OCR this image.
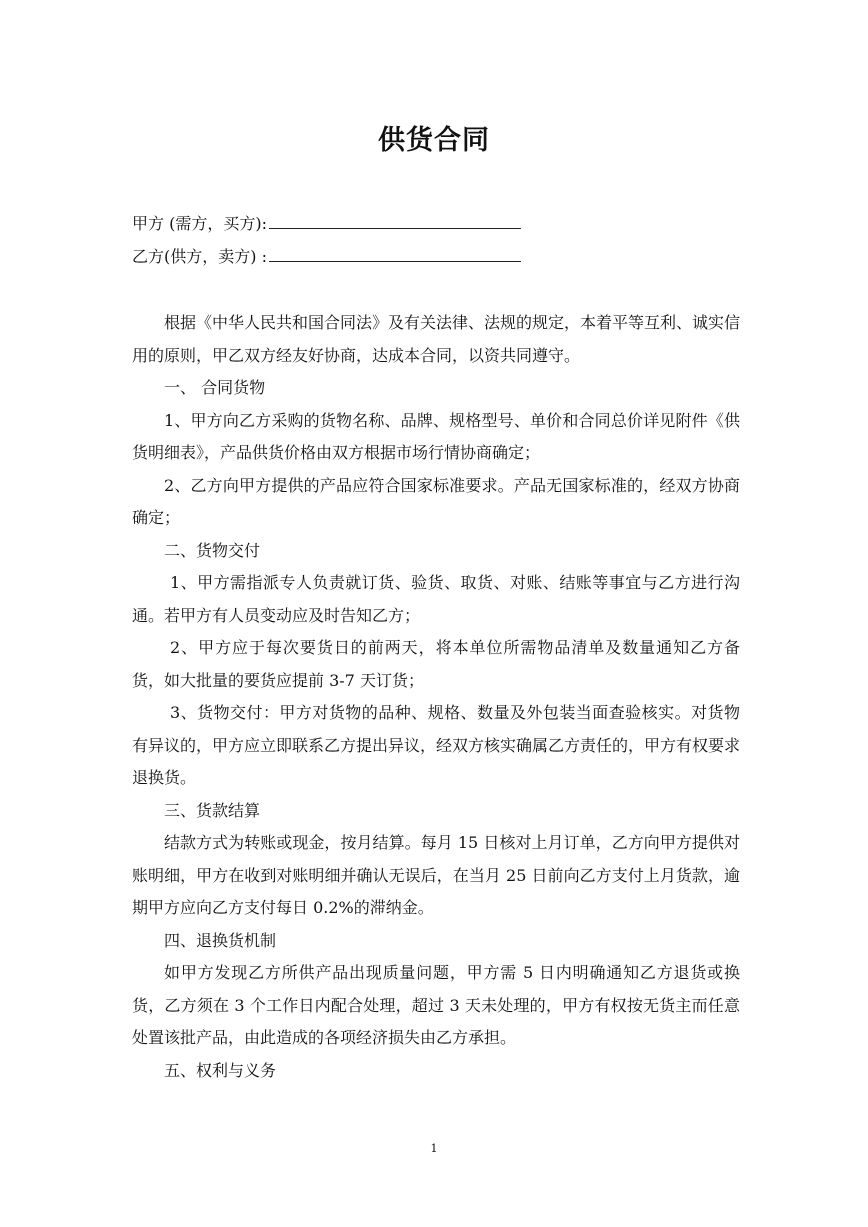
供货合同
甲方 (需方，买方):
乙方(供方，卖方) :

根据《中华人民共和国合同法》及有关法律、法规的规定，本着平等互利、诚实信用的原则，甲乙双方经友好协商，达成本合同，以资共同遵守。

一、 合同货物

1、甲方向乙方采购的货物名称、品牌、规格型号、单价和合同总价详见附件《供货明细表》，产品供货价格由双方根据市场行情协商确定；

2、乙方向甲方提供的产品应符合国家标准要求。产品无国家标准的，经双方协商确定；

二、货物交付

1、甲方需指派专人负责就订货、验货、取货、对账、结账等事宜与乙方进行沟通。若甲方有人员变动应及时告知乙方；

2、甲方应于每次要货日的前两天，将本单位所需物品清单及数量通知乙方备货，如大批量的要货应提前 3-7 天订货；

3、货物交付：甲方对货物的品种、规格、数量及外包装当面查验核实。对货物有异议的，甲方应立即联系乙方提出异议，经双方核实确属乙方责任的，甲方有权要求退换货。

三、货款结算

结款方式为转账或现金，按月结算。每月 15 日核对上月订单，乙方向甲方提供对账明细，甲方在收到对账明细并确认无误后，在当月 25 日前向乙方支付上月货款，逾期甲方应向乙方支付每日 0.2%的滞纳金。

四、退换货机制

如甲方发现乙方所供产品出现质量问题，甲方需 5 日内明确通知乙方退货或换货，乙方须在 3 个工作日内配合处理，超过 3 天未处理的，甲方有权按无货主而任意处置该批产品，由此造成的各项经济损失由乙方承担。

五、权利与义务

1
